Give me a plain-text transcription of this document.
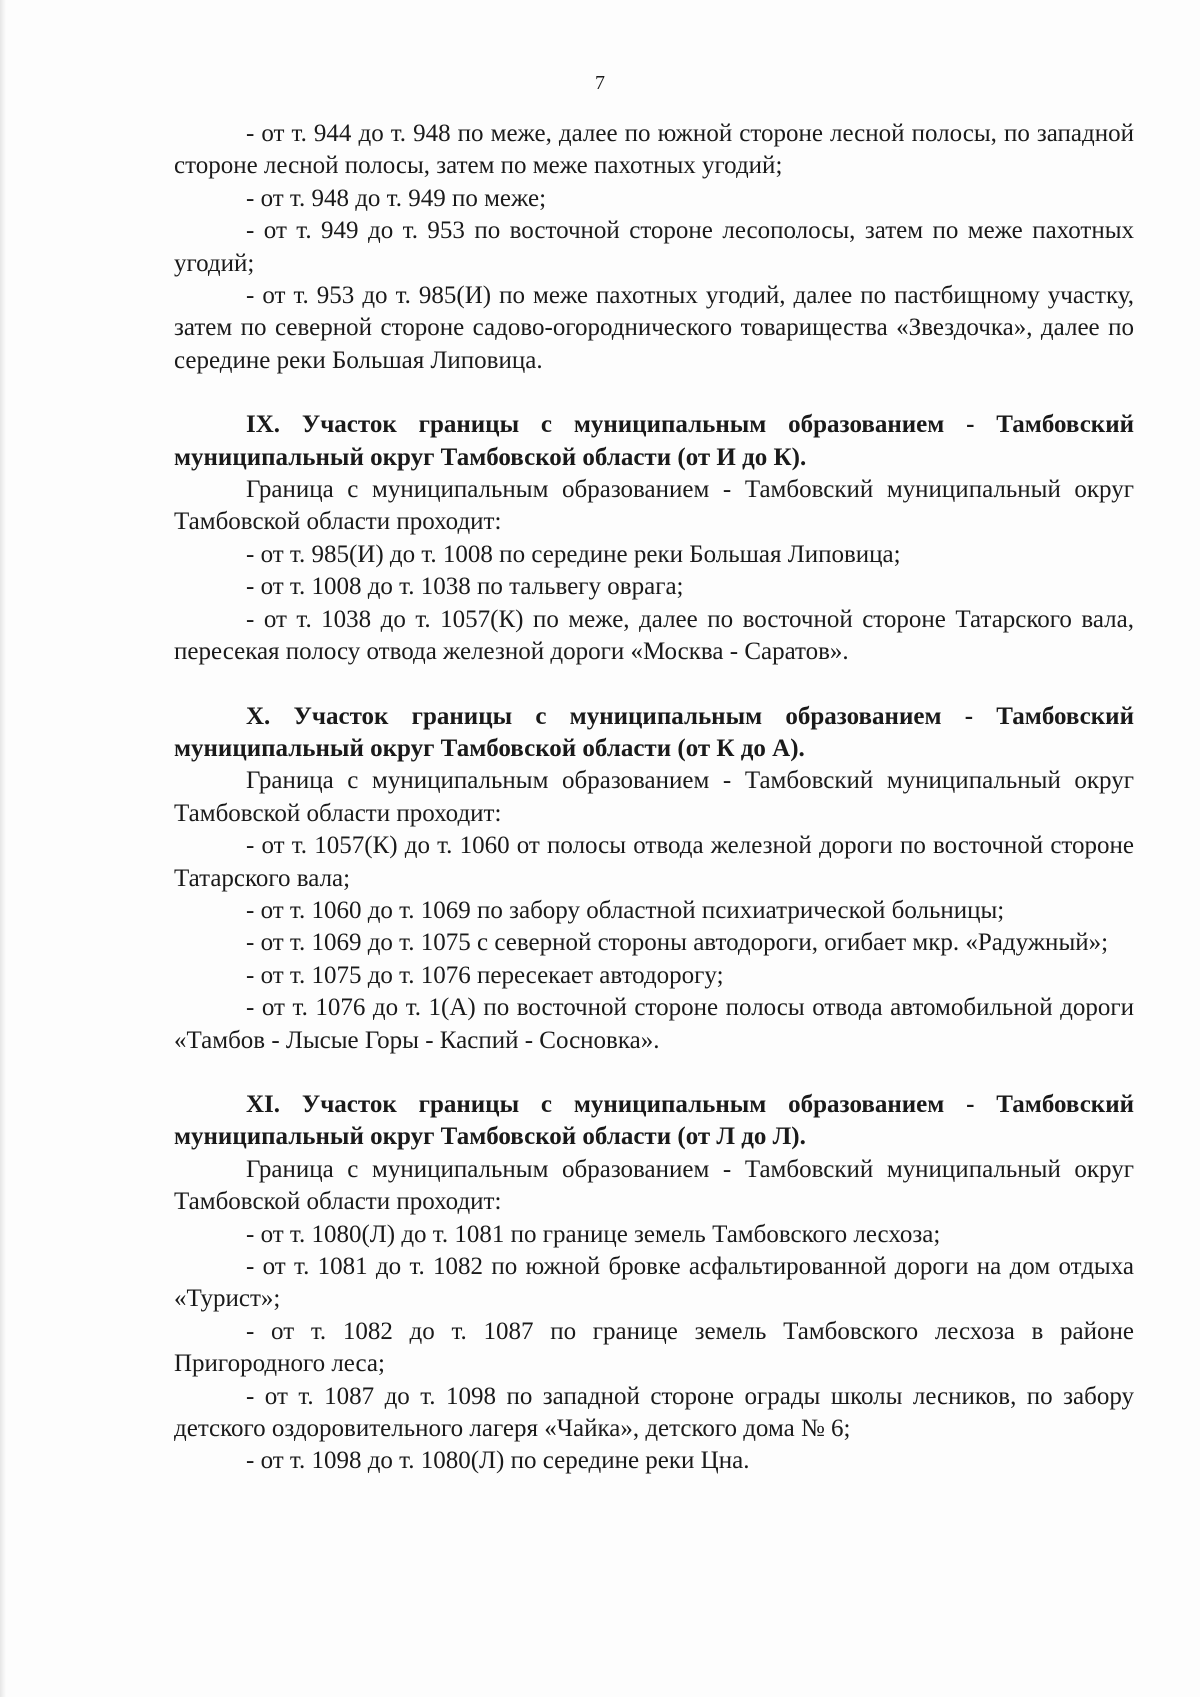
7

- от т. 944 до т. 948 по меже, далее по южной стороне лесной полосы, по западной стороне лесной полосы, затем по меже пахотных угодий;

- от т. 948 до т. 949 по меже;

- от т. 949 до т. 953 по восточной стороне лесополосы, затем по меже пахотных угодий;

- от т. 953 до т. 985(И) по меже пахотных угодий, далее по пастбищному участку, затем по северной стороне садово-огороднического товарищества «Звездочка», далее по середине реки Большая Липовица.

IX. Участок границы с муниципальным образованием - Тамбовский муниципальный округ Тамбовской области (от И до К).

Граница с муниципальным образованием - Тамбовский муниципальный округ Тамбовской области проходит:

- от т. 985(И) до т. 1008 по середине реки Большая Липовица;

- от т. 1008 до т. 1038 по тальвегу оврага;

- от т. 1038 до т. 1057(К) по меже, далее по восточной стороне Татарского вала, пересекая полосу отвода железной дороги «Москва - Саратов».

X. Участок границы с муниципальным образованием - Тамбовский муниципальный округ Тамбовской области (от К до А).

Граница с муниципальным образованием - Тамбовский муниципальный округ Тамбовской области проходит:

- от т. 1057(К) до т. 1060 от полосы отвода железной дороги по восточной стороне Татарского вала;

- от т. 1060 до т. 1069 по забору областной психиатрической больницы;

- от т. 1069 до т. 1075 с северной стороны автодороги, огибает мкр. «Радужный»;

- от т. 1075 до т. 1076 пересекает автодорогу;

- от т. 1076 до т. 1(А) по восточной стороне полосы отвода автомобильной дороги «Тамбов - Лысые Горы - Каспий - Сосновка».

XI. Участок границы с муниципальным образованием - Тамбовский муниципальный округ Тамбовской области (от Л до Л).

Граница с муниципальным образованием - Тамбовский муниципальный округ Тамбовской области проходит:

- от т. 1080(Л) до т. 1081 по границе земель Тамбовского лесхоза;

- от т. 1081 до т. 1082 по южной бровке асфальтированной дороги на дом отдыха «Турист»;

- от т. 1082 до т. 1087 по границе земель Тамбовского лесхоза в районе Пригородного леса;

- от т. 1087 до т. 1098 по западной стороне ограды школы лесников, по забору детского оздоровительного лагеря «Чайка», детского дома № 6;

- от т. 1098 до т. 1080(Л) по середине реки Цна.
